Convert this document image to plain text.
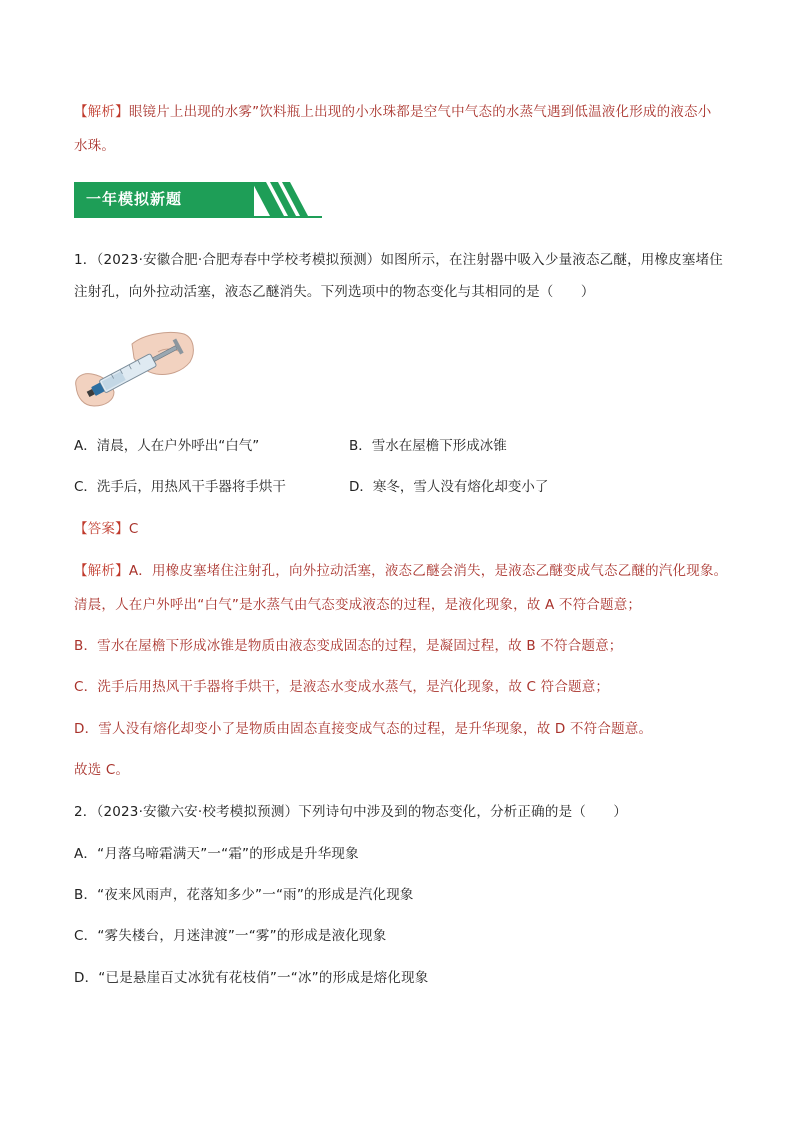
【解析】眼镜片上出现的水雾”饮料瓶上出现的小水珠都是空气中气态的水蒸气遇到低温液化形成的液态小
水珠。
一年模拟新题
1．（2023·安徽合肥·合肥寿春中学校考模拟预测）如图所示，在注射器中吸入少量液态乙醚，用橡皮塞堵住
注射孔，向外拉动活塞，液态乙醚消失。下列选项中的物态变化与其相同的是（　　）
A．清晨，人在户外呼出“白气”	B．雪水在屋檐下形成冰锥
C．洗手后，用热风干手器将手烘干	D．寒冬，雪人没有熔化却变小了
【答案】C
【解析】A．用橡皮塞堵住注射孔，向外拉动活塞，液态乙醚会消失，是液态乙醚变成气态乙醚的汽化现象。
清晨，人在户外呼出“白气”是水蒸气由气态变成液态的过程，是液化现象，故 A 不符合题意；
B．雪水在屋檐下形成冰锥是物质由液态变成固态的过程，是凝固过程，故 B 不符合题意；
C．洗手后用热风干手器将手烘干，是液态水变成水蒸气，是汽化现象，故 C 符合题意；
D．雪人没有熔化却变小了是物质由固态直接变成气态的过程，是升华现象，故 D 不符合题意。
故选 C。
2．（2023·安徽六安·校考模拟预测）下列诗句中涉及到的物态变化，分析正确的是（　　）
A．“月落乌啼霜满天”一“霜”的形成是升华现象
B．“夜来风雨声，花落知多少”一“雨”的形成是汽化现象
C．“雾失楼台，月迷津渡”一“雾”的形成是液化现象
D．“已是悬崖百丈冰犹有花枝俏”一“冰”的形成是熔化现象
